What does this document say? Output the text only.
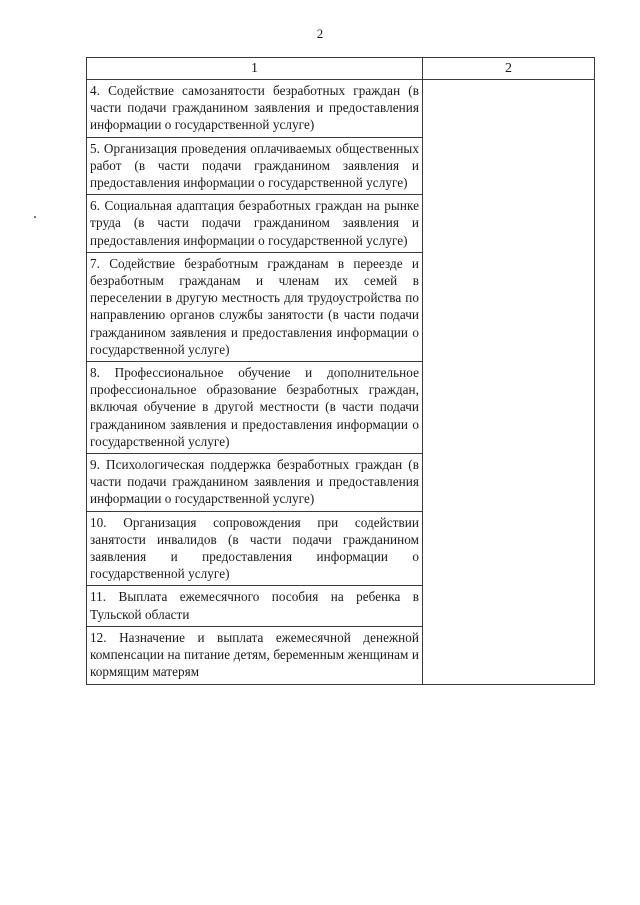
2
1	2

4. Содействие самозанятости безработных граждан (в части подачи гражданином заявления и предоставления информации о государственной услуге)	

5. Организация проведения оплачиваемых общественных работ (в части подачи гражданином заявления и предоставления информации о государственной услуге)	

6. Социальная адаптация безработных граждан на рынке труда (в части подачи гражданином заявления и предоставления информации о государственной услуге)	

7. Содействие безработным гражданам в переезде и безработным гражданам и членам их семей в переселении в другую местность для трудоустройства по направлению органов службы занятости (в части подачи гражданином заявления и предоставления информации о государственной услуге)	

8. Профессиональное обучение и дополнительное профессиональное образование безработных граждан, включая обучение в другой местности (в части подачи гражданином заявления и предоставления информации о государственной услуге)	

9. Психологическая поддержка безработных граждан (в части подачи гражданином заявления и предоставления информации о государственной услуге)	

10. Организация сопровождения при содействии занятости инвалидов (в части подачи гражданином заявления и предоставления информации о государственной услуге)	

11. Выплата ежемесячного пособия на ребенка в Тульской области	

12. Назначение и выплата ежемесячной денежной компенсации на питание детям, беременным женщинам и кормящим матерям	
